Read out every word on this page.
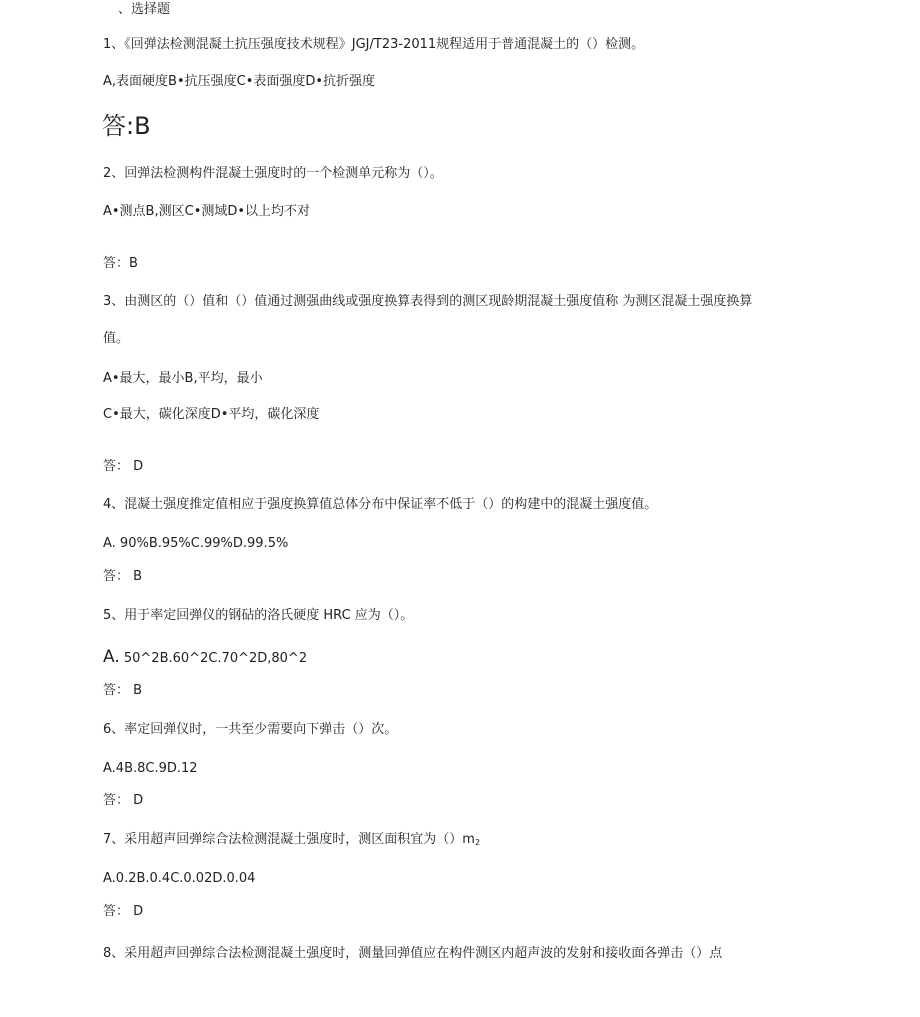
、选择题
1、《回弹法检测混凝土抗压强度技术规程》JGJ/T23-2011规程适用于普通混凝土的（）检测。
A,表面硬度B•抗压强度C•表面强度D•抗折强度
答:B
2、回弹法检测构件混凝土强度时的一个检测单元称为（）。
A•测点B,测区C•测域D•以上均不对
答：B
3、由测区的（）值和（）值通过测强曲线或强度换算表得到的测区现龄期混凝土强度值称 为测区混凝土强度换算
值。
A•最大，最小B,平均，最小
C•最大，碳化深度D•平均，碳化深度
答： D
4、混凝土强度推定值相应于强度换算值总体分布中保证率不低于（）的构建中的混凝土强度值。
A. 90%B.95%C.99%D.99.5%
答： B
5、用于率定回弹仪的钢砧的洛氏硬度 HRC 应为（）。
A. 50^2B.60^2C.70^2D,80^2
答： B
6、率定回弹仪时，一共至少需要向下弹击（）次。
A.4B.8C.9D.12
答： D
7、采用超声回弹综合法检测混凝土强度时，测区面积宜为$()m_2$
A.0.2B.0.4C.0.02D.0.04
答： D
8、采用超声回弹综合法检测混凝土强度时，测量回弹值应在构件测区内超声波的发射和接收面各弹击（）点
